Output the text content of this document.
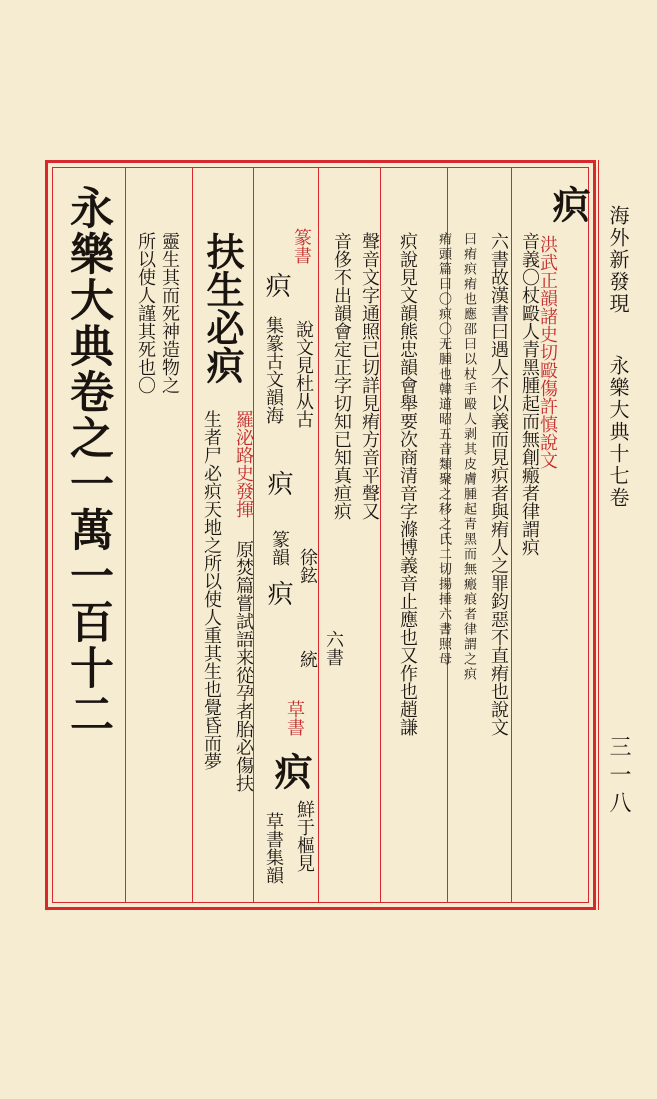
海外新發現
永樂大典十七卷
三一八
永樂大典卷之一萬一百十二	疻
洪武正韻諸史切毆傷許慎說文
音義〇杖毆人青黑腫起而無創瘢者律謂疻
六書故漢書曰遇人不以義而見疻者與痏人之罪鈞惡不直痏也說文
曰痏疻痏也應邵曰以杖手毆人剥其皮膚腫起青黑而無瘢痕者律謂之疻
痏頭篇曰〇疻〇无腫也韓道昭五音類聚之移之氏二切揚捶六書照母
疻說見文韻熊忠韻會舉要次商清音字滌博義音止應也又作也趙謙
聲音文字通照已切詳見痏方音平聲又
音侈不出韻會定正字切知已知真疸疻
篆書
疻
說文見杜从古
集篆古文韻海
疻
篆韻
疻
徐鉉
統 六書
草書
疻
鮮于樞見
草書集韻
扶生必疻
羅泌路史發揮
原焚篇嘗試語来從孕者胎必傷扶
生者尸必疻天地之所以使人重其生也覺昏而夢
靈生其而死神造物之
所以使人謹其死也〇
